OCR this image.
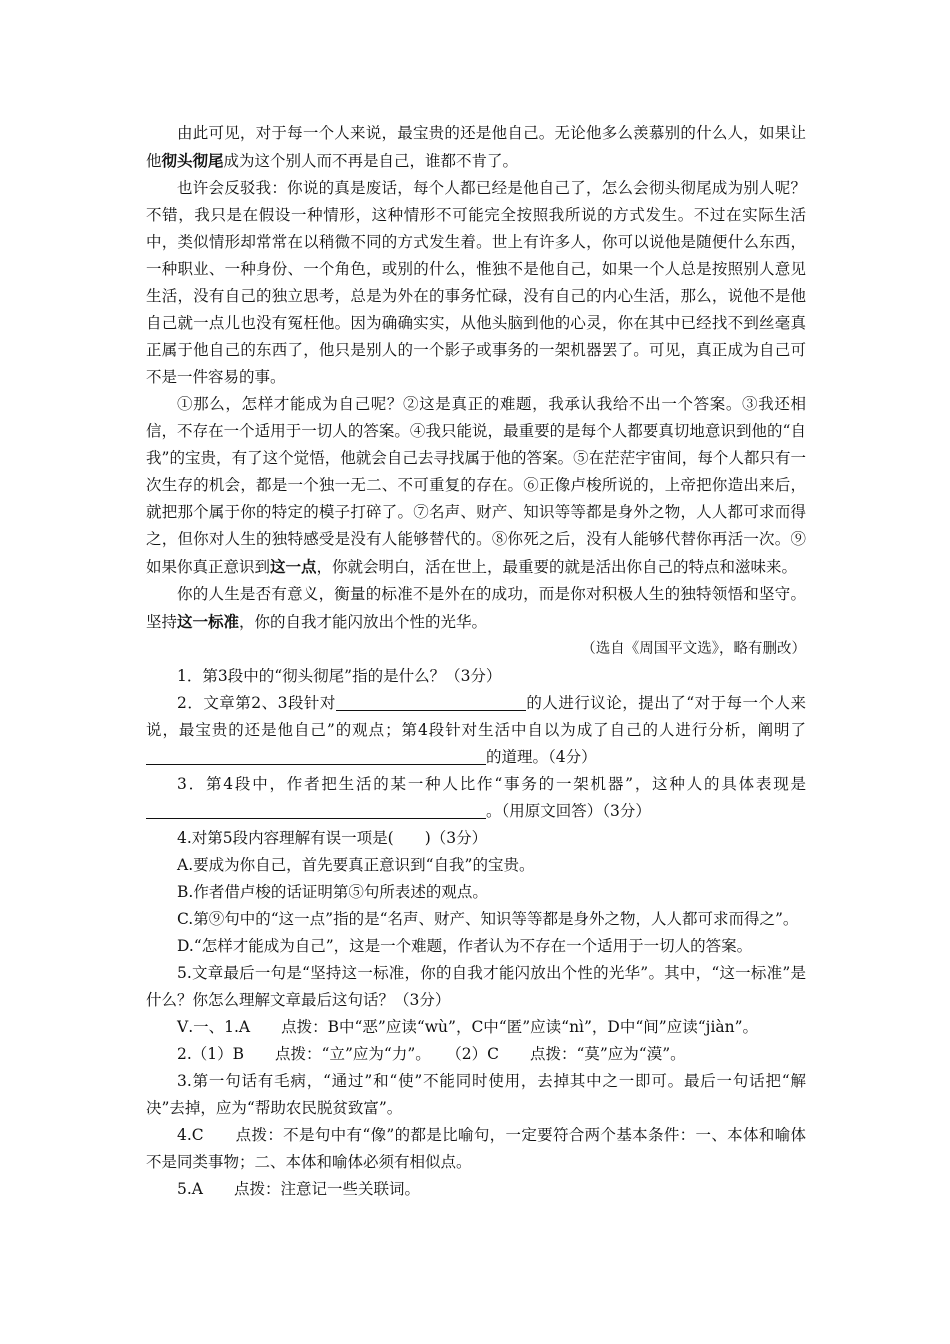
由此可见，对于每一个人来说，最宝贵的还是他自己。无论他多么羡慕别的什么人，如果让他彻头彻尾成为这个别人而不再是自己，谁都不肯了。

也许会反驳我：你说的真是废话，每个人都已经是他自己了，怎么会彻头彻尾成为别人呢？不错，我只是在假设一种情形，这种情形不可能完全按照我所说的方式发生。不过在实际生活中，类似情形却常常在以稍微不同的方式发生着。世上有许多人，你可以说他是随便什么东西，一种职业、一种身份、一个角色，或别的什么，惟独不是他自己，如果一个人总是按照别人意见生活，没有自己的独立思考，总是为外在的事务忙碌，没有自己的内心生活，那么，说他不是他自己就一点儿也没有冤枉他。因为确确实实，从他头脑到他的心灵，你在其中已经找不到丝毫真正属于他自己的东西了，他只是别人的一个影子或事务的一架机器罢了。可见，真正成为自己可不是一件容易的事。

①那么，怎样才能成为自己呢？②这是真正的难题，我承认我给不出一个答案。③我还相信，不存在一个适用于一切人的答案。④我只能说，最重要的是每个人都要真切地意识到他的“自我”的宝贵，有了这个觉悟，他就会自己去寻找属于他的答案。⑤在茫茫宇宙间，每个人都只有一次生存的机会，都是一个独一无二、不可重复的存在。⑥正像卢梭所说的，上帝把你造出来后，就把那个属于你的特定的模子打碎了。⑦名声、财产、知识等等都是身外之物，人人都可求而得之，但你对人生的独特感受是没有人能够替代的。⑧你死之后，没有人能够代替你再活一次。⑨如果你真正意识到这一点，你就会明白，活在世上，最重要的就是活出你自己的特点和滋味来。

你的人生是否有意义，衡量的标准不是外在的成功，而是你对积极人生的独特领悟和坚守。坚持这一标准，你的自我才能闪放出个性的光华。

（选自《周国平文选》，略有删改）

1．第3段中的“彻头彻尾”指的是什么？（3分）

2．文章第2、3段针对	的人进行议论，提出了“对于每一个人来说，最宝贵的还是他自己”的观点；第4段针对生活中自以为成了自己的人进行分析，阐明了的道理。（4分）

3．第4段中，作者把生活的某一种人比作“事务的一架机器”，这种人的具体表现是。（用原文回答）（3分）

4.对第5段内容理解有误一项是(　　)（3分）

A.要成为你自己，首先要真正意识到“自我”的宝贵。

B.作者借卢梭的话证明第⑤句所表述的观点。

C.第⑨句中的“这一点”指的是“名声、财产、知识等等都是身外之物，人人都可求而得之”。

D.“怎样才能成为自己”，这是一个难题，作者认为不存在一个适用于一切人的答案。

5.文章最后一句是“坚持这一标准，你的自我才能闪放出个性的光华”。其中，“这一标准”是什么？你怎么理解文章最后这句话？（3分）

Ⅴ.一、1.A　　点拨：B中“恶”应读“wù”，C中“匿”应读“nì”，D中“间”应读“jiàn”。

2.（1）B　　点拨：“立”应为“力”。　　（2）C　　点拨：“莫”应为“漠”。

3.第一句话有毛病，“通过”和“使”不能同时使用，去掉其中之一即可。最后一句话把“解决”去掉，应为“帮助农民脱贫致富”。

4.C　　点拨：不是句中有“像”的都是比喻句，一定要符合两个基本条件：一、本体和喻体不是同类事物；二、本体和喻体必须有相似点。

5.A　　点拨：注意记一些关联词。
